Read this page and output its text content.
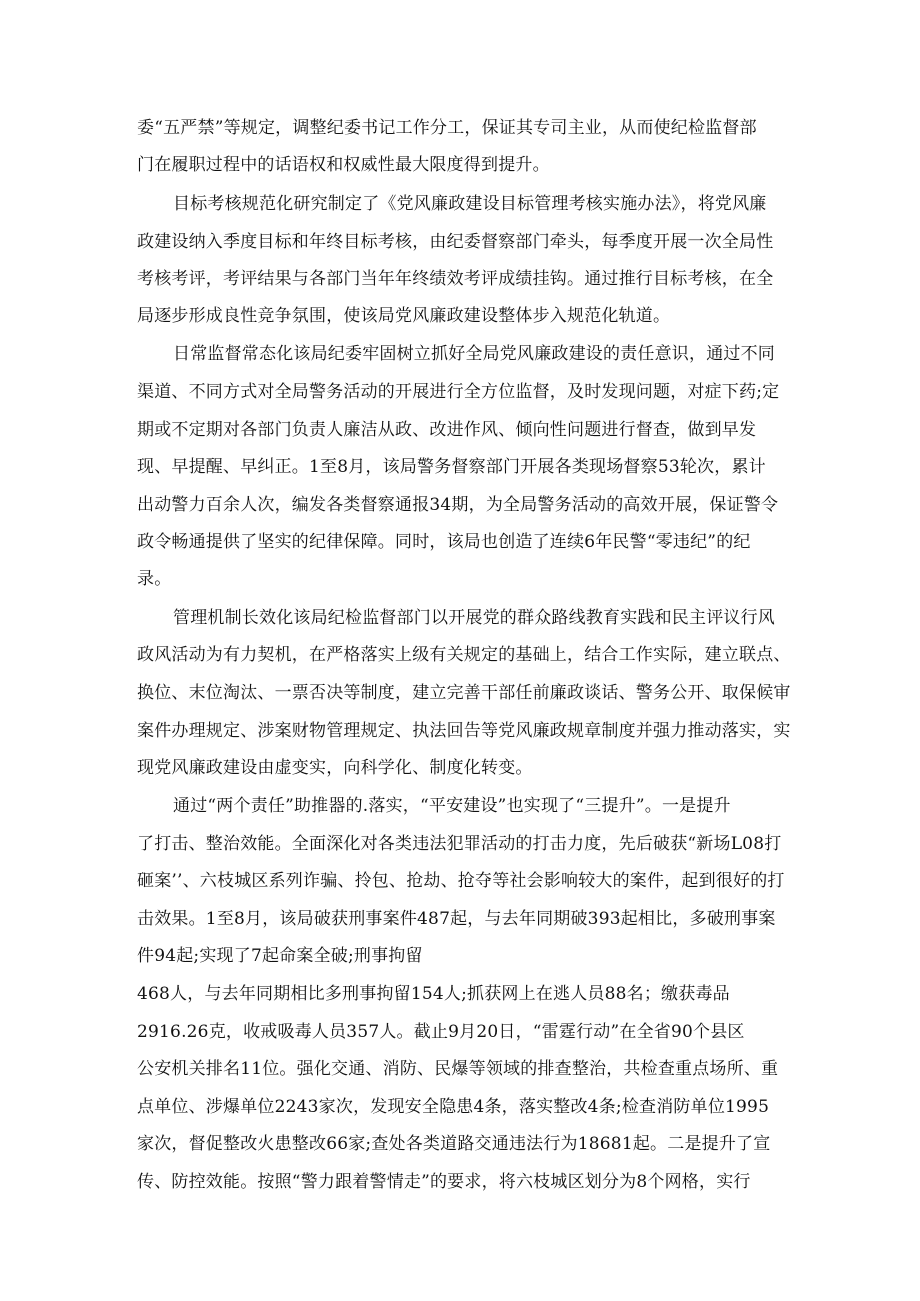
委“五严禁”等规定，调整纪委书记工作分工，保证其专司主业，从而使纪检监督部
门在履职过程中的话语权和权威性最大限度得到提升。
目标考核规范化研究制定了《党风廉政建设目标管理考核实施办法》，将党风廉
政建设纳入季度目标和年终目标考核，由纪委督察部门牵头，每季度开展一次全局性
考核考评，考评结果与各部门当年年终绩效考评成绩挂钩。通过推行目标考核，在全
局逐步形成良性竞争氛围，使该局党风廉政建设整体步入规范化轨道。
日常监督常态化该局纪委牢固树立抓好全局党风廉政建设的责任意识，通过不同
渠道、不同方式对全局警务活动的开展进行全方位监督，及时发现问题，对症下药;定
期或不定期对各部门负责人廉洁从政、改进作风、倾向性问题进行督查，做到早发
现、早提醒、早纠正。1至8月，该局警务督察部门开展各类现场督察53轮次，累计
出动警力百余人次，编发各类督察通报34期，为全局警务活动的高效开展，保证警令
政令畅通提供了坚实的纪律保障。同时，该局也创造了连续6年民警“零违纪”的纪
录。
管理机制长效化该局纪检监督部门以开展党的群众路线教育实践和民主评议行风
政风活动为有力契机，在严格落实上级有关规定的基础上，结合工作实际，建立联点、
换位、末位淘汰、一票否决等制度，建立完善干部任前廉政谈话、警务公开、取保候审
案件办理规定、涉案财物管理规定、执法回告等党风廉政规章制度并强力推动落实，实
现党风廉政建设由虚变实，向科学化、制度化转变。
通过“两个责任”助推器的.落实，“平安建设”也实现了“三提升”。一是提升
了打击、整治效能。全面深化对各类违法犯罪活动的打击力度，先后破获“新场L08打
砸案’’、六枝城区系列诈骗、拎包、抢劫、抢夺等社会影响较大的案件，起到很好的打
击效果。1至8月，该局破获刑事案件487起，与去年同期破393起相比，多破刑事案
件94起;实现了7起命案全破;刑事拘留
468人，与去年同期相比多刑事拘留154人;抓获网上在逃人员88名；缴获毒品
2916.26克，收戒吸毒人员357人。截止9月20日，“雷霆行动”在全省90个县区
公安机关排名11位。强化交通、消防、民爆等领域的排查整治，共检查重点场所、重
点单位、涉爆单位2243家次，发现安全隐患4条，落实整改4条;检查消防单位1995
家次，督促整改火患整改66家;查处各类道路交通违法行为18681起。二是提升了宣
传、防控效能。按照“警力跟着警情走”的要求，将六枝城区划分为8个网格，实行
